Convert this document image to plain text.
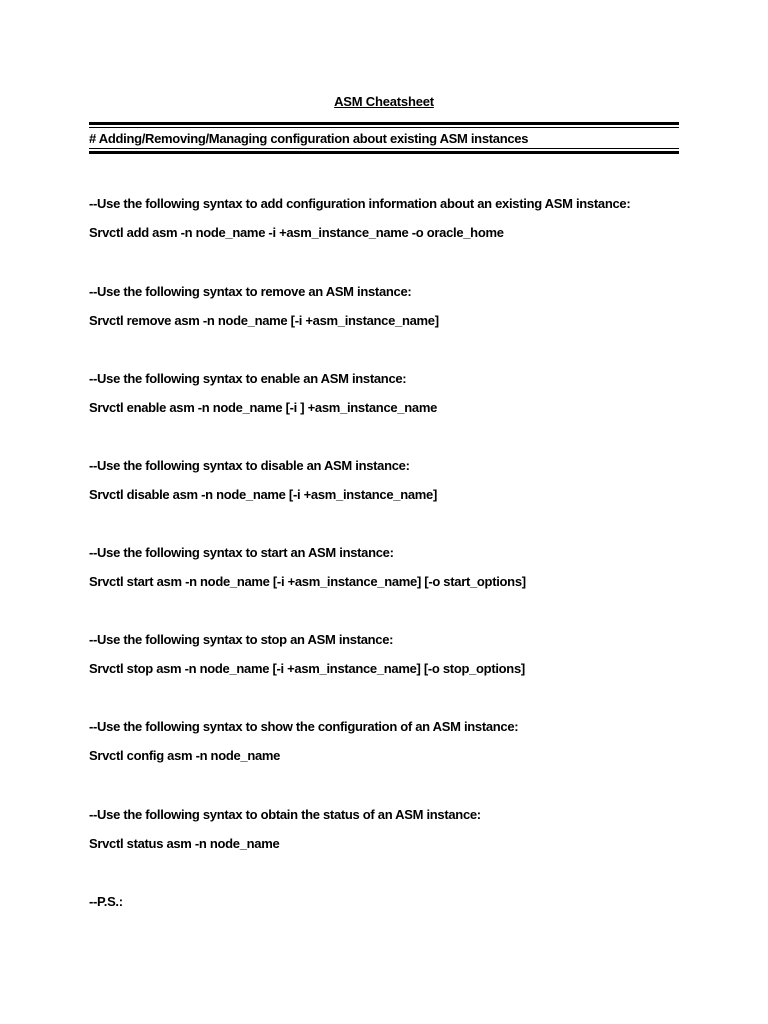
ASM Cheatsheet
# Adding/Removing/Managing configuration about existing ASM instances
--Use the following syntax to add configuration information about an existing ASM instance:
Srvctl add asm -n node_name -i +asm_instance_name -o oracle_home
--Use the following syntax to remove an ASM instance:
Srvctl remove asm -n node_name [-i +asm_instance_name]
--Use the following syntax to enable an ASM instance:
Srvctl enable asm -n node_name [-i ] +asm_instance_name
--Use the following syntax to disable an ASM instance:
Srvctl disable asm -n node_name [-i +asm_instance_name]
--Use the following syntax to start an ASM instance:
Srvctl start asm -n node_name [-i +asm_instance_name] [-o start_options]
--Use the following syntax to stop an ASM instance:
Srvctl stop asm -n node_name [-i +asm_instance_name] [-o stop_options]
--Use the following syntax to show the configuration of an ASM instance:
Srvctl config asm -n node_name
--Use the following syntax to obtain the status of an ASM instance:
Srvctl status asm -n node_name
--P.S.:
